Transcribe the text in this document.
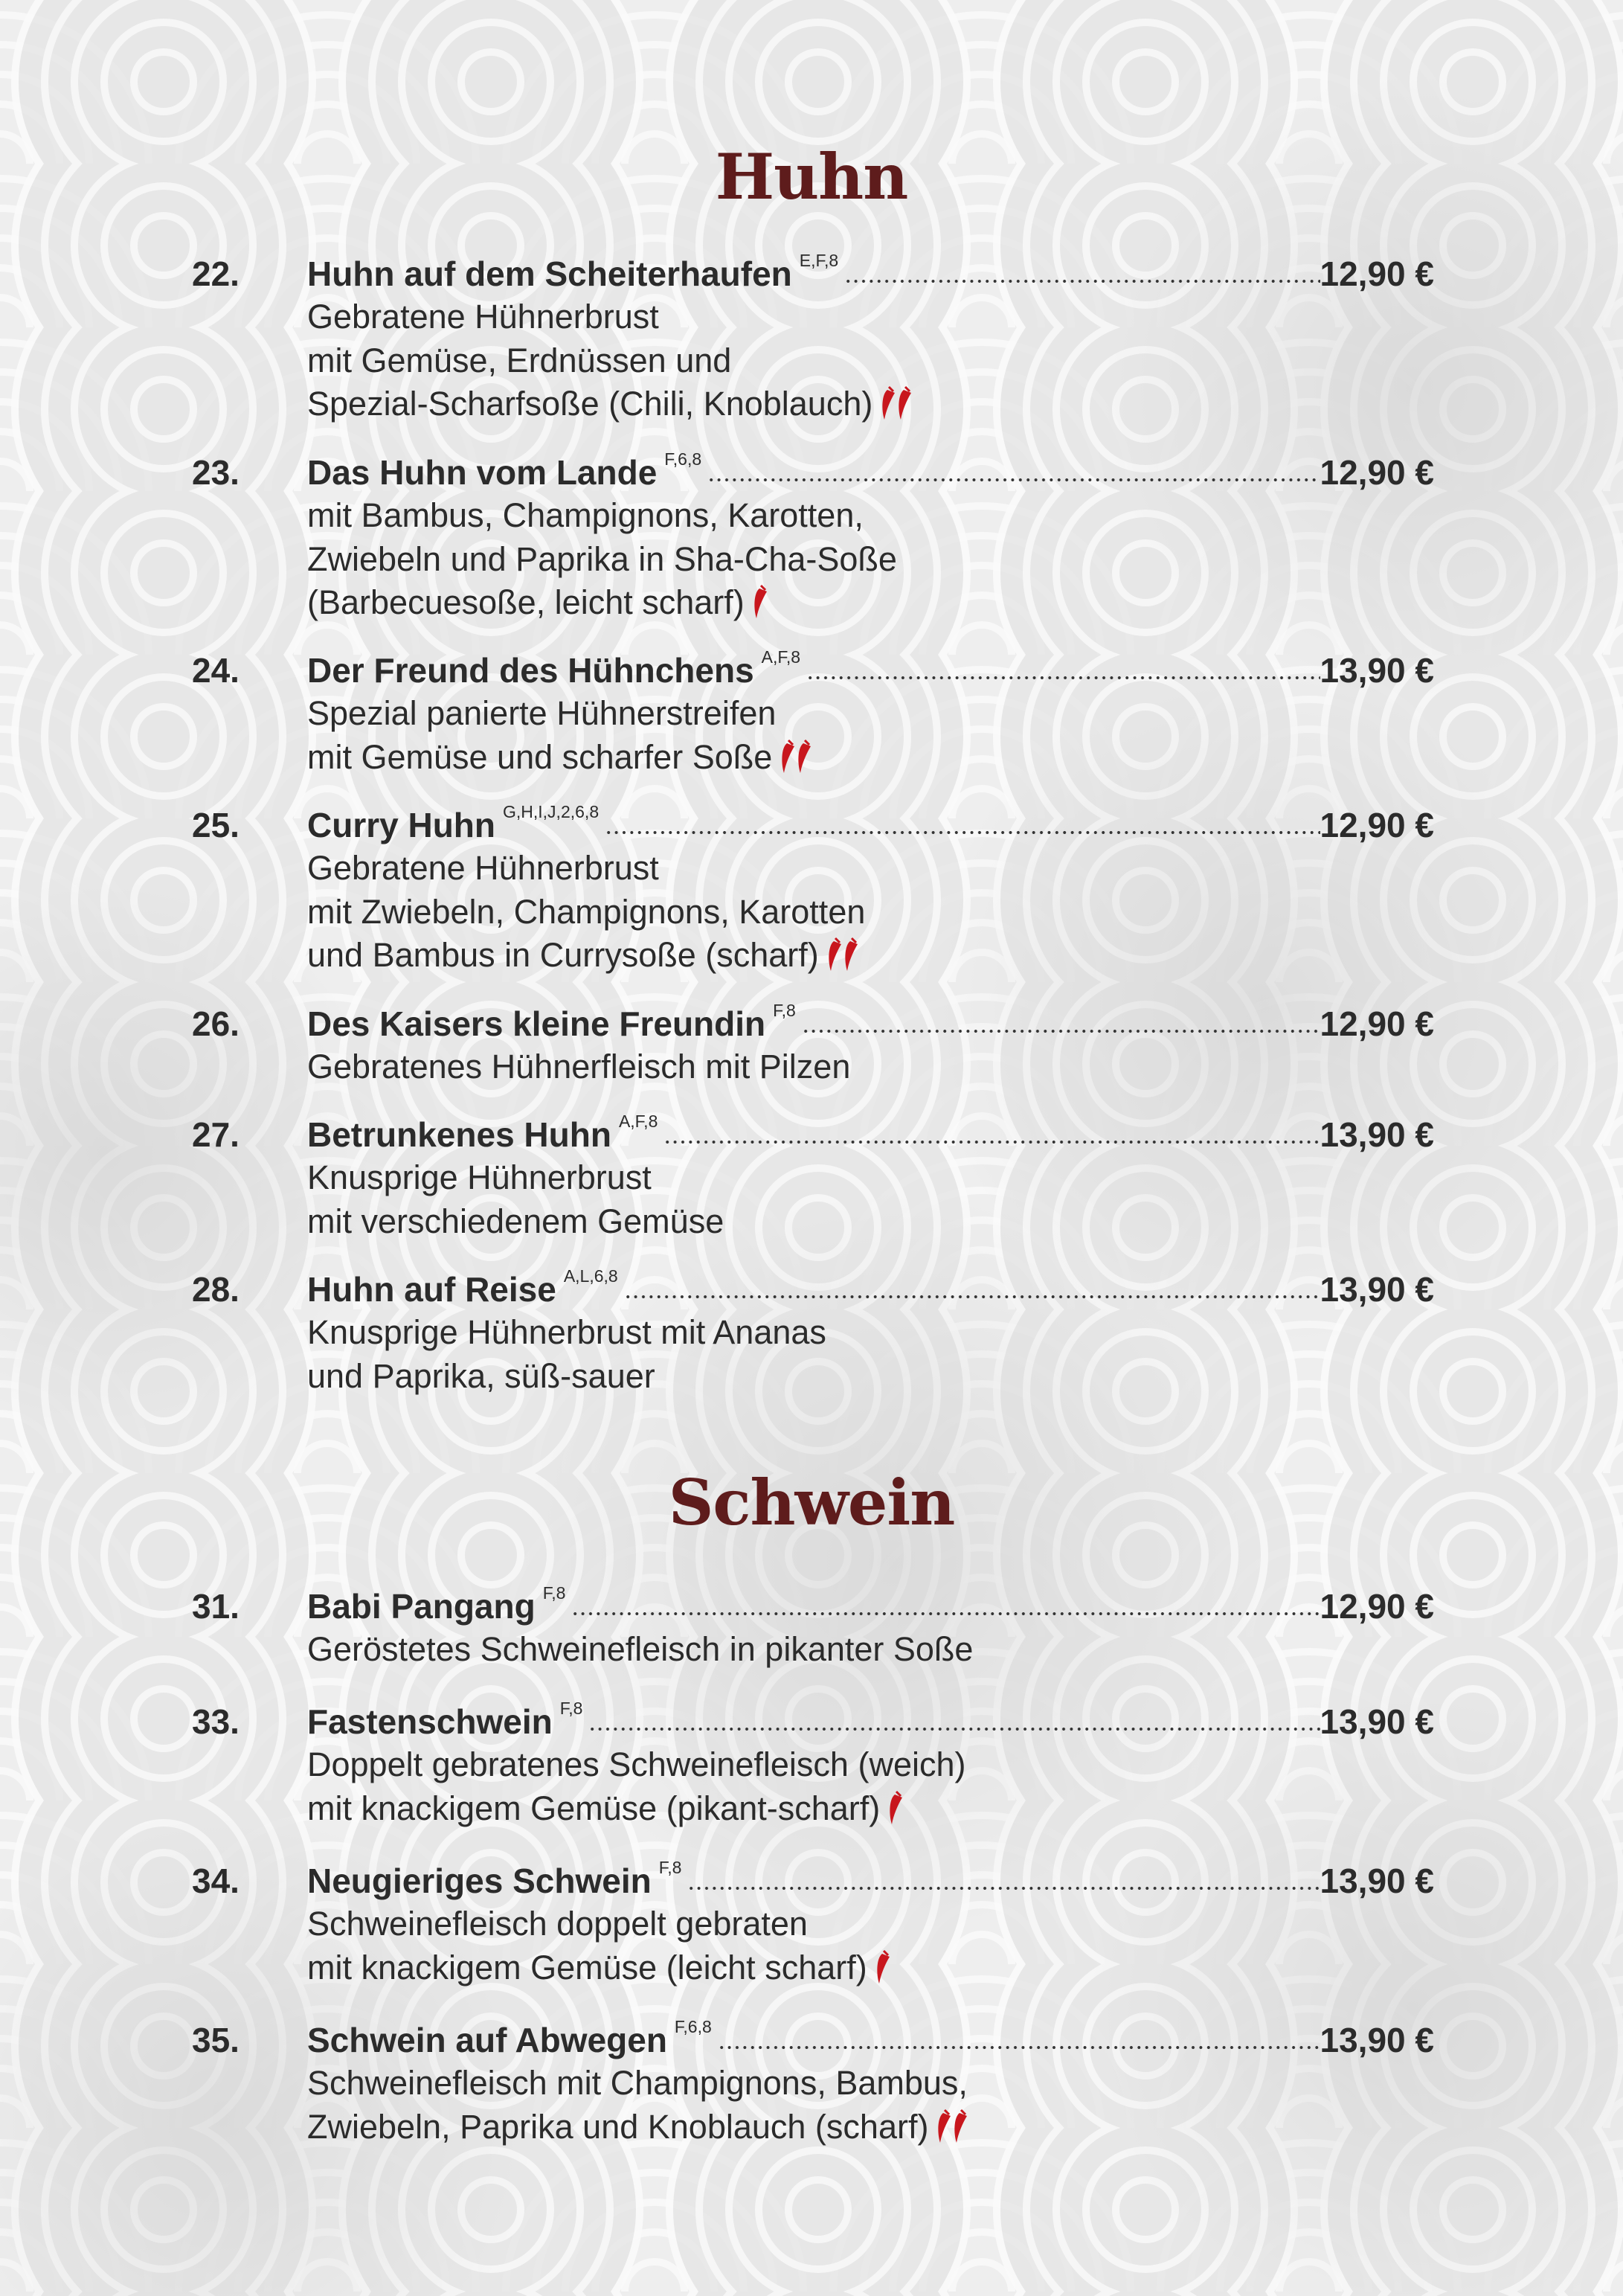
Huhn
Schwein
22. Huhn auf dem Scheiterhaufen E,F,8	12,90 €
Gebratene Hühnerbrust
mit Gemüse, Erdnüssen und
Spezial-Scharfsoße (Chili, Knoblauch)
23. Das Huhn vom Lande F,6,8	12,90 €
mit Bambus, Champignons, Karotten,
Zwiebeln und Paprika in Sha-Cha-Soße
(Barbecuesoße, leicht scharf)
24. Der Freund des Hühnchens A,F,8	13,90 €
Spezial panierte Hühnerstreifen
mit Gemüse und scharfer Soße
25. Curry Huhn G,H,I,J,2,6,8	12,90 €
Gebratene Hühnerbrust
mit Zwiebeln, Champignons, Karotten
und Bambus in Currysoße (scharf)
26. Des Kaisers kleine Freundin F,8	12,90 €
Gebratenes Hühnerfleisch mit Pilzen
27. Betrunkenes Huhn A,F,8	13,90 €
Knusprige Hühnerbrust
mit verschiedenem Gemüse
28. Huhn auf Reise A,L,6,8	13,90 €
Knusprige Hühnerbrust mit Ananas
und Paprika, süß-sauer
31. Babi Pangang F,8	12,90 €
Geröstetes Schweinefleisch in pikanter Soße
33. Fastenschwein F,8	13,90 €
Doppelt gebratenes Schweinefleisch (weich)
mit knackigem Gemüse (pikant-scharf)
34. Neugieriges Schwein F,8	13,90 €
Schweinefleisch doppelt gebraten
mit knackigem Gemüse (leicht scharf)
35. Schwein auf Abwegen F,6,8	13,90 €
Schweinefleisch mit Champignons, Bambus,
Zwiebeln, Paprika und Knoblauch (scharf)
